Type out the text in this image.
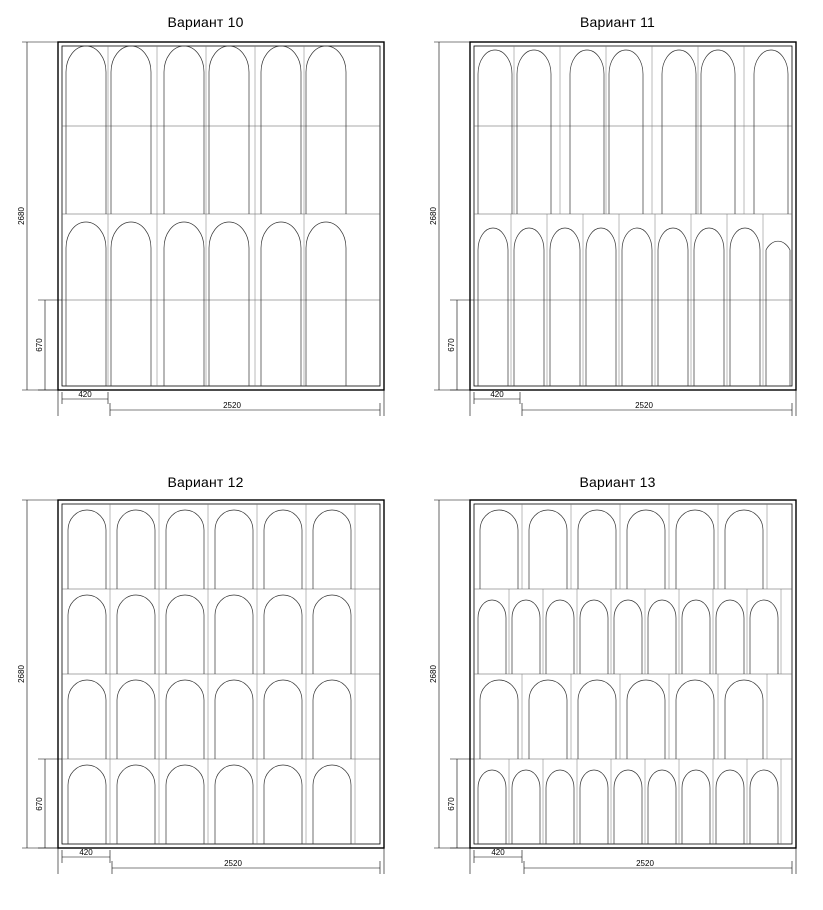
Вариант 10
2680
670
420
2520
Вариант 11
2680
670
420
2520
Вариант 12
2680
670
420
2520
Вариант 13
2680
670
420
2520
